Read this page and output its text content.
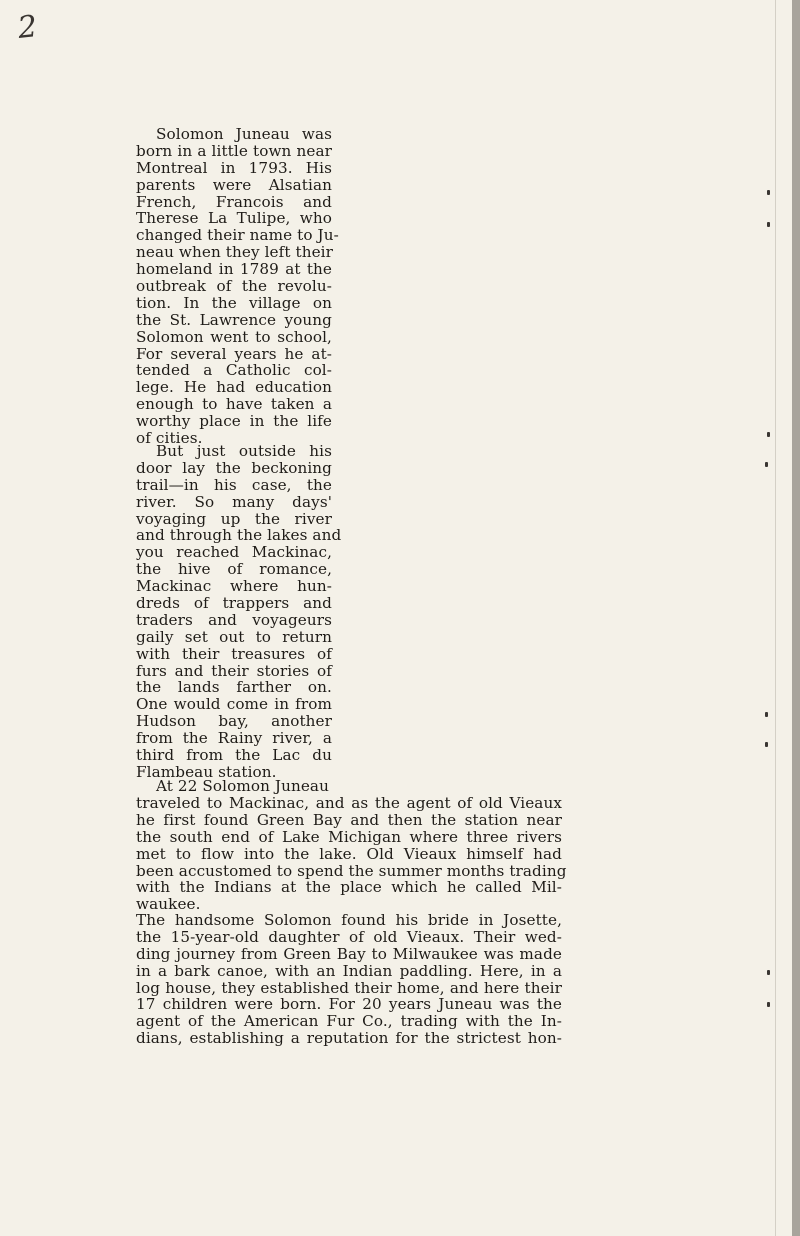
2
Solomon Juneau was
born in a little town near
Montreal in 1793. His
parents were Alsatian
French, Francois and
Therese La Tulipe, who
changed their name to Ju-
neau when they left their
homeland in 1789 at the
outbreak of the revolu-
tion. In the village on
the St. Lawrence young
Solomon went to school,
For several years he at-
tended a Catholic col-
lege. He had education
enough to have taken a
worthy place in the life
of cities.
But just outside his
door lay the beckoning
trail—in his case, the
river. So many days'
voyaging up the river
and through the lakes and
you reached Mackinac,
the hive of romance,
Mackinac where hun-
dreds of trappers and
traders and voyageurs
gaily set out to return
with their treasures of
furs and their stories of
the lands farther on.
One would come in from
Hudson bay, another
from the Rainy river, a
third from the Lac du
Flambeau station.
At 22 Solomon Juneau
traveled to Mackinac, and as the agent of old Vieaux
he first found Green Bay and then the station near
the south end of Lake Michigan where three rivers
met to flow into the lake. Old Vieaux himself had
been accustomed to spend the summer months trading
with the Indians at the place which he called Mil-
waukee.
The handsome Solomon found his bride in Josette,
the 15-year-old daughter of old Vieaux. Their wed-
ding journey from Green Bay to Milwaukee was made
in a bark canoe, with an Indian paddling. Here, in a
log house, they established their home, and here their
17 children were born. For 20 years Juneau was the
agent of the American Fur Co., trading with the In-
dians, establishing a reputation for the strictest hon-
